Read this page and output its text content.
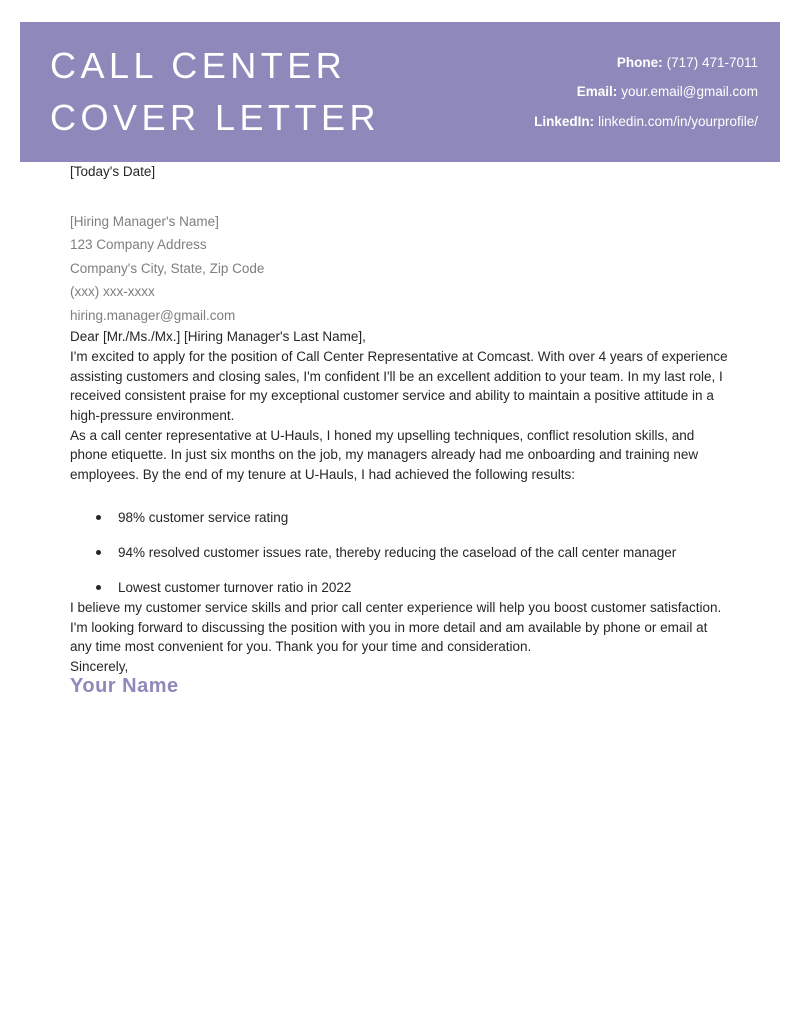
CALL CENTER
COVER LETTER
Phone: (717) 471-7011
Email: your.email@gmail.com
LinkedIn: linkedin.com/in/yourprofile/

[Today's Date]

[Hiring Manager's Name]
123 Company Address
Company's City, State, Zip Code
(xxx) xxx-xxxx
hiring.manager@gmail.com

Dear [Mr./Ms./Mx.] [Hiring Manager's Last Name],

I'm excited to apply for the position of Call Center Representative at Comcast. With over 4 years of experience assisting customers and closing sales, I'm confident I'll be an excellent addition to your team. In my last role, I received consistent praise for my exceptional customer service and ability to maintain a positive attitude in a high-pressure environment.

As a call center representative at U-Hauls, I honed my upselling techniques, conflict resolution skills, and phone etiquette. In just six months on the job, my managers already had me onboarding and training new employees. By the end of my tenure at U-Hauls, I had achieved the following results:

98% customer service rating
94% resolved customer issues rate, thereby reducing the caseload of the call center manager
Lowest customer turnover ratio in 2022

I believe my customer service skills and prior call center experience will help you boost customer satisfaction. I'm looking forward to discussing the position with you in more detail and am available by phone or email at any time most convenient for you. Thank you for your time and consideration.

Sincerely,

Your Name
